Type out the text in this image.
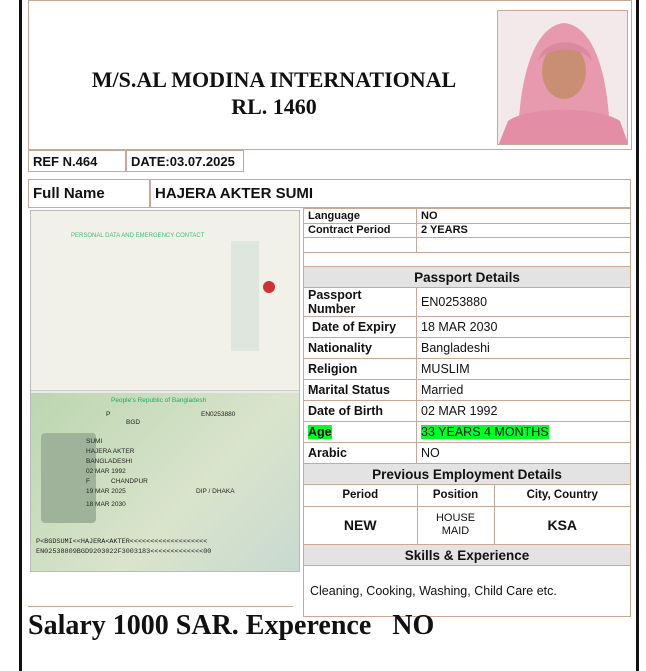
M/S.AL MODINA INTERNATIONAL
RL. 1460
REF N.464	DATE:03.07.2025
Full Name	HAJERA AKTER SUMI
PERSONAL DATA AND EMERGENCY CONTACT
People's Republic of Bangladesh
P
BGD
EN0253880
SUMI
HAJERA AKTER
BANGLADESHI
02 MAR 1992
F	CHANDPUR
19 MAR 2025
18 MAR 2030
DIP / DHAKA
P<BGDSUMI<<HAJERA<AKTER<<<<<<<<<<<<<<<<<<<
EN02538809BGD9203022F3003183<<<<<<<<<<<<<00
Language	NO
Contract Period	2 YEARS

Passport Details
Passport Number	EN0253880
Date of Expiry	18 MAR 2030
Nationality	Bangladeshi
Religion	MUSLIM
Marital Status	Married
Date of Birth	02 MAR 1992
Age	33 YEARS 4 MONTHS
Arabic	NO
Previous Employment Details

Period	Position	City, Country
NEW	HOUSE MAID	KSA

Skills & Experience
Cleaning, Cooking, Washing, Child Care etc.
Salary 1000 SAR. Experence   NO
